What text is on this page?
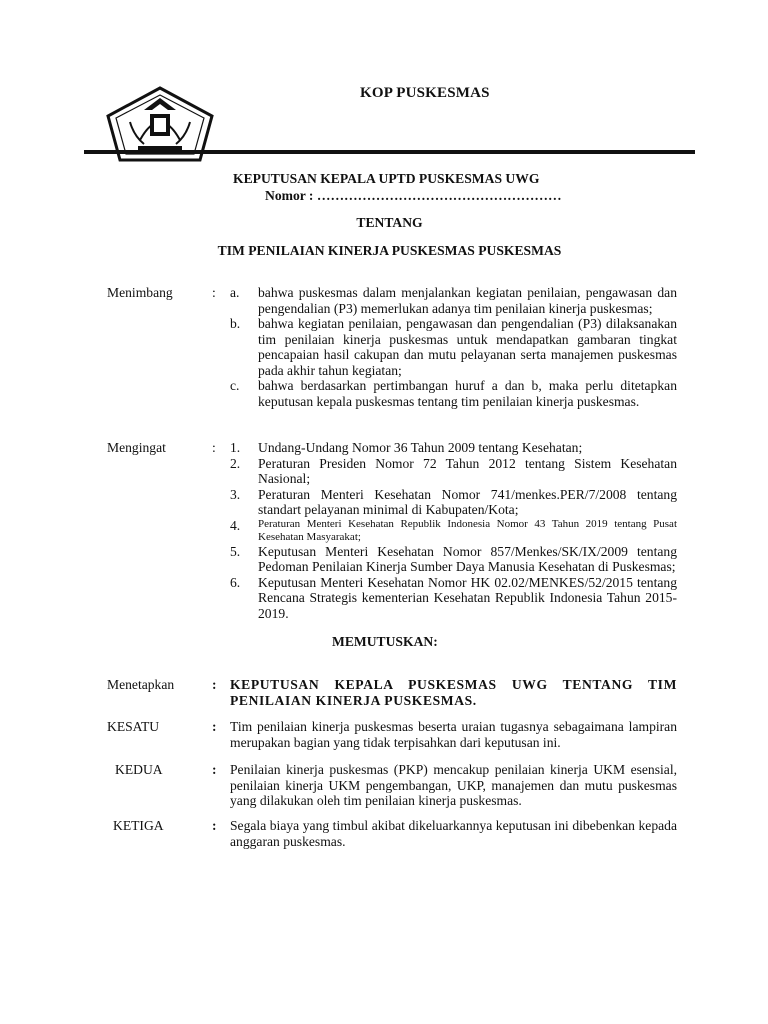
KOP PUSKESMAS
KEPUTUSAN KEPALA UPTD PUSKESMAS UWG
Nomor : ………………………………………………
TENTANG
TIM PENILAIAN KINERJA PUSKESMAS PUSKESMAS
Menimbang	: a.	bahwa puskesmas dalam menjalankan kegiatan penilaian, pengawasan dan pengendalian (P3) memerlukan adanya tim penilaian kinerja puskesmas;
b.	bahwa kegiatan penilaian, pengawasan dan pengendalian (P3) dilaksanakan tim penilaian kinerja puskesmas untuk mendapatkan gambaran tingkat pencapaian hasil cakupan dan mutu pelayanan serta manajemen puskesmas pada akhir tahun kegiatan;
c.	bahwa berdasarkan pertimbangan huruf a dan b, maka perlu ditetapkan keputusan kepala puskesmas tentang tim penilaian kinerja puskesmas.
Mengingat	: 1.	Undang-Undang Nomor 36 Tahun 2009 tentang Kesehatan;
2.	Peraturan Presiden Nomor 72 Tahun 2012 tentang Sistem Kesehatan Nasional;
3.	Peraturan Menteri Kesehatan Nomor 741/menkes.PER/7/2008 tentang standart pelayanan minimal di Kabupaten/Kota;
4.	Peraturan Menteri Kesehatan Republik Indonesia Nomor 43 Tahun 2019 tentang Pusat Kesehatan Masyarakat;
5.	Keputusan Menteri Kesehatan Nomor 857/Menkes/SK/IX/2009 tentang Pedoman Penilaian Kinerja Sumber Daya Manusia Kesehatan di Puskesmas;
6.	Keputusan Menteri Kesehatan Nomor HK 02.02/MENKES/52/2015 tentang Rencana Strategis kementerian Kesehatan Republik Indonesia Tahun 2015-2019.
MEMUTUSKAN:
Menetapkan	: KEPUTUSAN KEPALA PUSKESMAS UWG TENTANG TIM PENILAIAN KINERJA PUSKESMAS.
KESATU	: Tim penilaian kinerja puskesmas beserta uraian tugasnya sebagaimana lampiran merupakan bagian yang tidak terpisahkan dari keputusan ini.
KEDUA	: Penilaian kinerja puskesmas (PKP) mencakup penilaian kinerja UKM esensial, penilaian kinerja UKM pengembangan, UKP, manajemen dan mutu puskesmas yang dilakukan oleh tim penilaian kinerja puskesmas.
KETIGA	: Segala biaya yang timbul akibat dikeluarkannya keputusan ini dibebenkan kepada anggaran puskesmas.
